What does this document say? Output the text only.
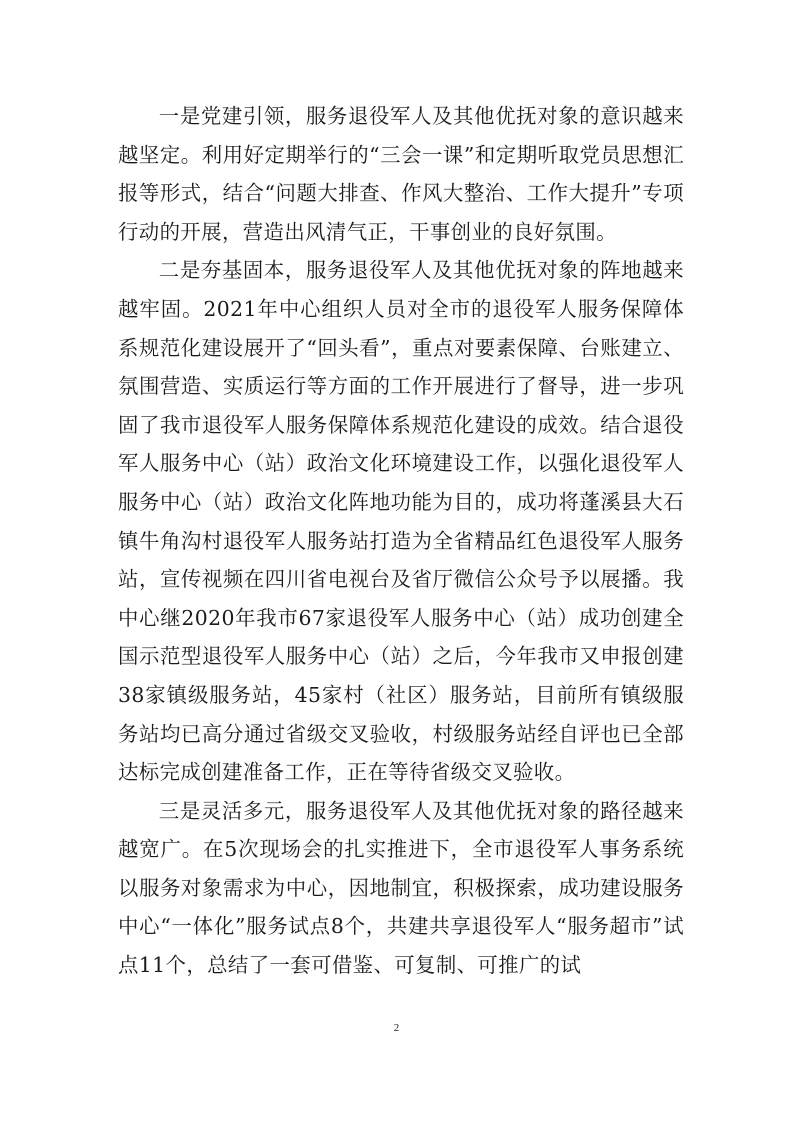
一是党建引领，服务退役军人及其他优抚对象的意识越来越坚定。利用好定期举行的“三会一课”和定期听取党员思想汇报等形式，结合“问题大排查、作风大整治、工作大提升”专项行动的开展，营造出风清气正，干事创业的良好氛围。

二是夯基固本，服务退役军人及其他优抚对象的阵地越来越牢固。2021年中心组织人员对全市的退役军人服务保障体系规范化建设展开了“回头看”，重点对要素保障、台账建立、氛围营造、实质运行等方面的工作开展进行了督导，进一步巩固了我市退役军人服务保障体系规范化建设的成效。结合退役军人服务中心（站）政治文化环境建设工作，以强化退役军人服务中心（站）政治文化阵地功能为目的，成功将蓬溪县大石镇牛角沟村退役军人服务站打造为全省精品红色退役军人服务站，宣传视频在四川省电视台及省厅微信公众号予以展播。我中心继2020年我市67家退役军人服务中心（站）成功创建全国示范型退役军人服务中心（站）之后，今年我市又申报创建38家镇级服务站，45家村（社区）服务站，目前所有镇级服务站均已高分通过省级交叉验收，村级服务站经自评也已全部达标完成创建准备工作，正在等待省级交叉验收。

三是灵活多元，服务退役军人及其他优抚对象的路径越来越宽广。在5次现场会的扎实推进下，全市退役军人事务系统以服务对象需求为中心，因地制宜，积极探索，成功建设服务中心“一体化”服务试点8个，共建共享退役军人“服务超市”试点11个，总结了一套可借鉴、可复制、可推广的试

2
